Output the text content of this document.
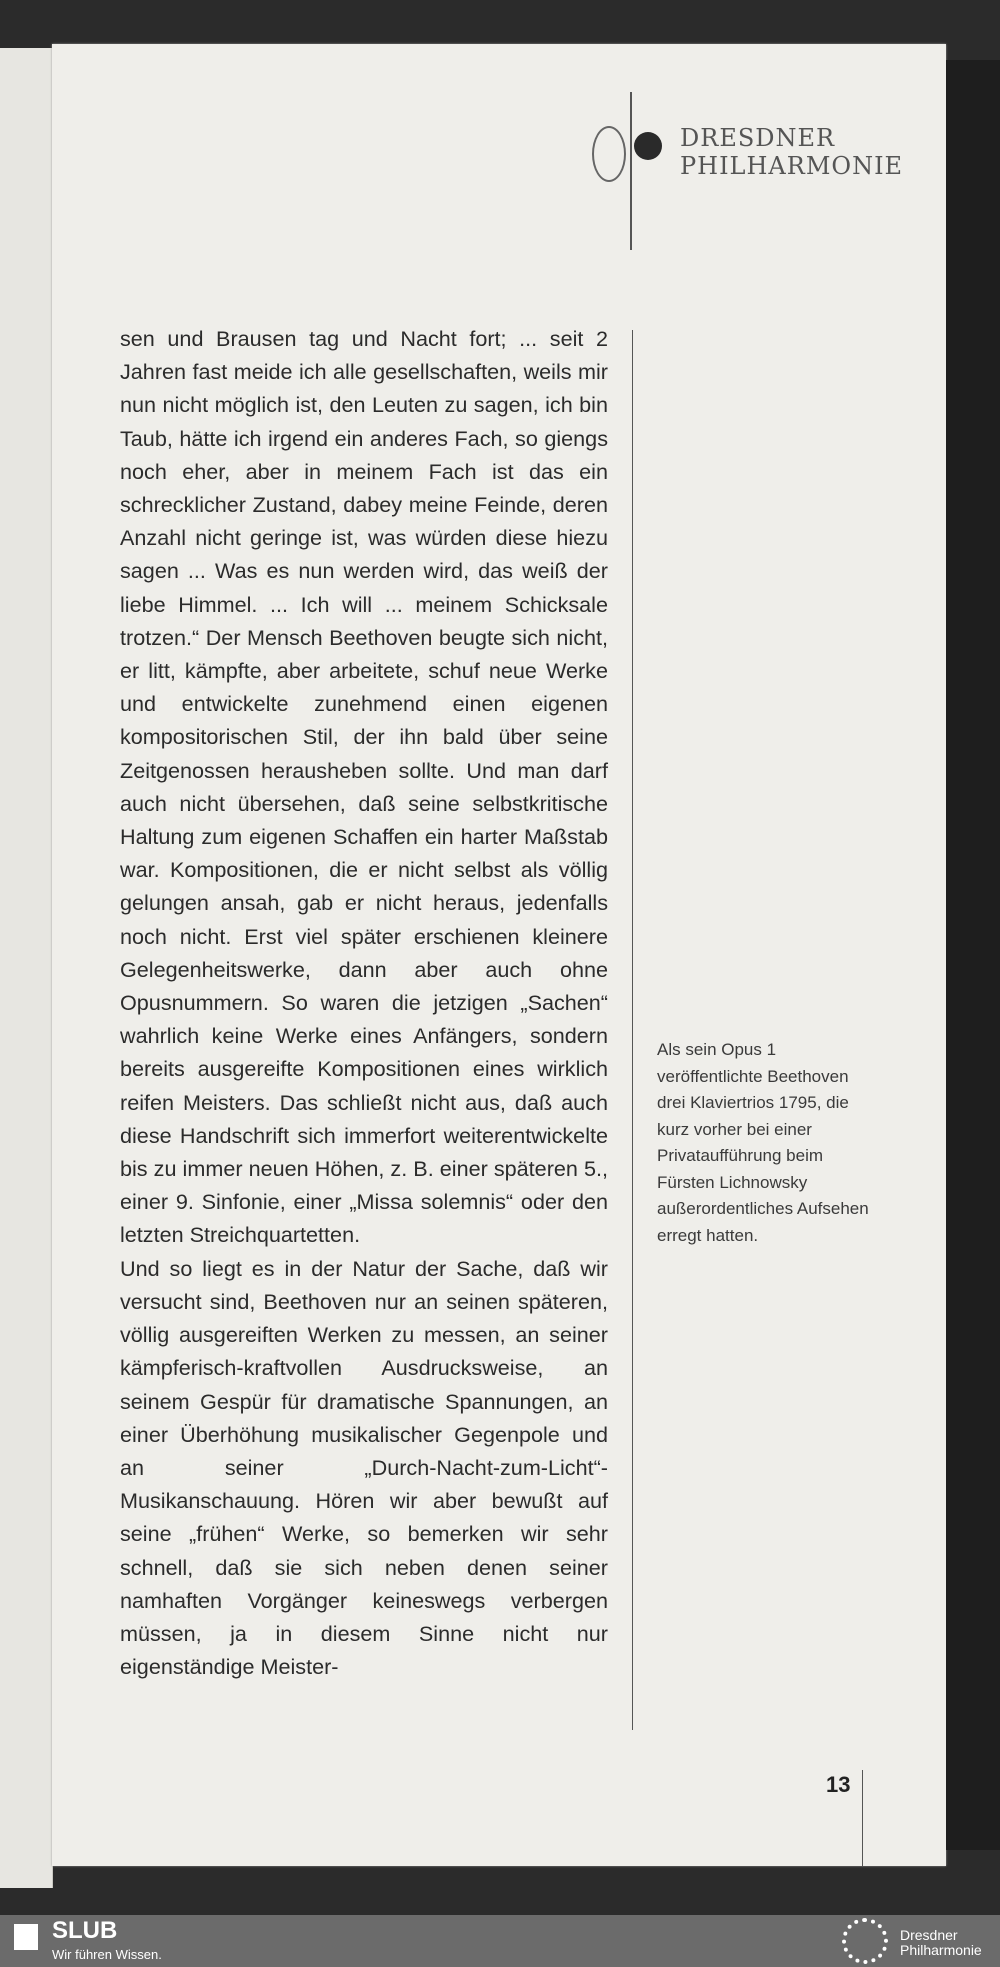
DRESDNER
PHILHARMONIE

sen und Brausen tag und Nacht fort; ... seit 2 Jahren fast meide ich alle gesellschaften, weils mir nun nicht möglich ist, den Leuten zu sagen, ich bin Taub, hätte ich irgend ein anderes Fach, so giengs noch eher, aber in meinem Fach ist das ein schrecklicher Zustand, dabey meine Feinde, deren Anzahl nicht geringe ist, was würden diese hiezu sagen ... Was es nun werden wird, das weiß der liebe Himmel. ... Ich will ... meinem Schicksale trotzen.“ Der Mensch Beethoven beugte sich nicht, er litt, kämpfte, aber arbeitete, schuf neue Werke und entwickelte zunehmend einen eigenen kompositorischen Stil, der ihn bald über seine Zeitgenossen herausheben sollte. Und man darf auch nicht übersehen, daß seine selbstkritische Haltung zum eigenen Schaffen ein harter Maßstab war. Kompositionen, die er nicht selbst als völlig gelungen ansah, gab er nicht heraus, jedenfalls noch nicht. Erst viel später erschienen kleinere Gelegenheitswerke, dann aber auch ohne Opusnummern. So waren die jetzigen „Sachen“ wahrlich keine Werke eines Anfängers, sondern bereits ausgereifte Kompositionen eines wirklich reifen Meisters. Das schließt nicht aus, daß auch diese Handschrift sich immerfort weiterentwickelte bis zu immer neuen Höhen, z. B. einer späteren 5., einer 9. Sinfonie, einer „Missa solemnis“ oder den letzten Streichquartetten.

Und so liegt es in der Natur der Sache, daß wir versucht sind, Beethoven nur an seinen späteren, völlig ausgereiften Werken zu messen, an seiner kämpferisch-kraftvollen Ausdrucksweise, an seinem Gespür für dramatische Spannungen, an einer Überhöhung musikalischer Gegenpole und an seiner „Durch-Nacht-zum-Licht“-Musikanschauung. Hören wir aber bewußt auf seine „frühen“ Werke, so bemerken wir sehr schnell, daß sie sich neben denen seiner namhaften Vorgänger keineswegs verbergen müssen, ja in diesem Sinne nicht nur eigenständige Meister-

Als sein Opus 1 veröffentlichte Beethoven drei Klaviertrios 1795, die kurz vorher bei einer Privataufführung beim Fürsten Lichnowsky außerordentliches Aufsehen erregt hatten.
13
SLUB
Wir führen Wissen.
Dresdner
Philharmonie
